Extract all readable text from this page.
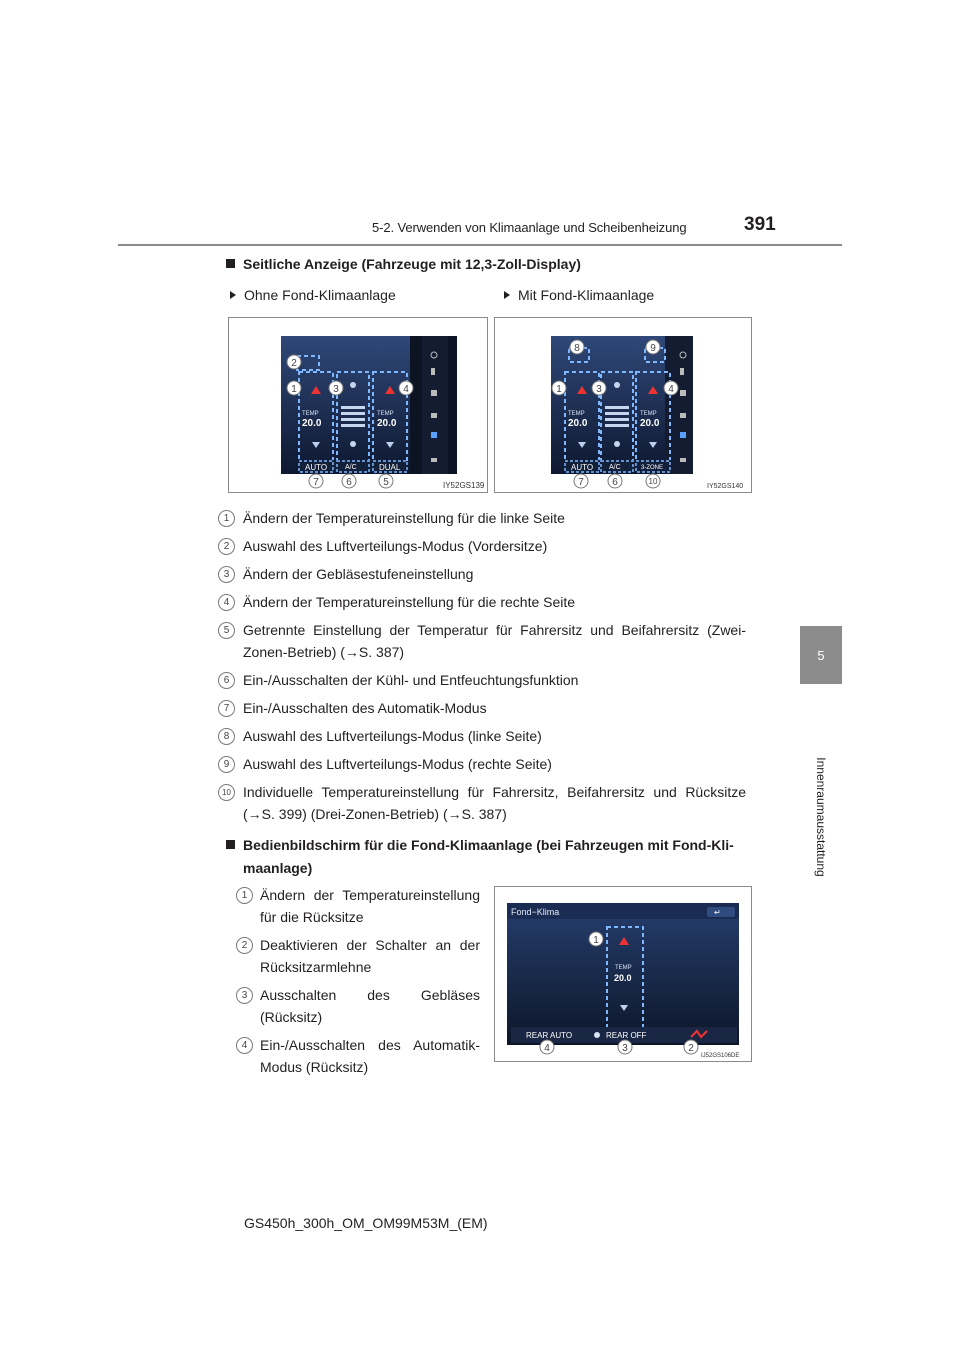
5-2. Verwenden von Klimaanlage und Scheibenheizung	391
5
Innenraumausstattung
Seitliche Anzeige (Fahrzeuge mit 12,3-Zoll-Display)
Ohne Fond-Klimaanlage	Mit Fond-Klimaanlage
TEMP
20.0
TEMP
20.0
AUTO	A/C	DUAL
2
1	3	4
7	6	5	IY52GS139
TEMP
20.0
TEMP
20.0
AUTO A/C	3-ZONE
8	9
1	3	4
7	6	10
IY52GS140
1 Ändern der Temperatureinstellung für die linke Seite
2 Auswahl des Luftverteilungs-Modus (Vordersitze)
3 Ändern der Gebläsestufeneinstellung
4 Ändern der Temperatureinstellung für die rechte Seite
5 Getrennte Einstellung der Temperatur für Fahrersitz und Beifahrersitz (Zwei-Zonen-Betrieb) (→S. 387)
6 Ein-/Ausschalten der Kühl- und Entfeuchtungsfunktion
7 Ein-/Ausschalten des Automatik-Modus
8 Auswahl des Luftverteilungs-Modus (linke Seite)
9 Auswahl des Luftverteilungs-Modus (rechte Seite)
10 Individuelle Temperatureinstellung für Fahrersitz, Beifahrersitz und Rücksitze (→S. 399) (Drei-Zonen-Betrieb) (→S. 387)
Bedienbildschirm für die Fond-Klimaanlage (bei Fahrzeugen mit Fond-Kli-
maanlage)
1 Ändern der Temperatureinstellung für die Rücksitze
2 Deaktivieren der Schalter an der Rücksitzarmlehne
3 Ausschalten des Gebläses (Rücksitz)
4 Ein-/Ausschalten des Automatik-Modus (Rücksitz)
Fond−Klima	↵
TEMP
20.0
REAR AUTO	REAR OFF
1
4	3	2
IJ52GS106DE
GS450h_300h_OM_OM99M53M_(EM)
